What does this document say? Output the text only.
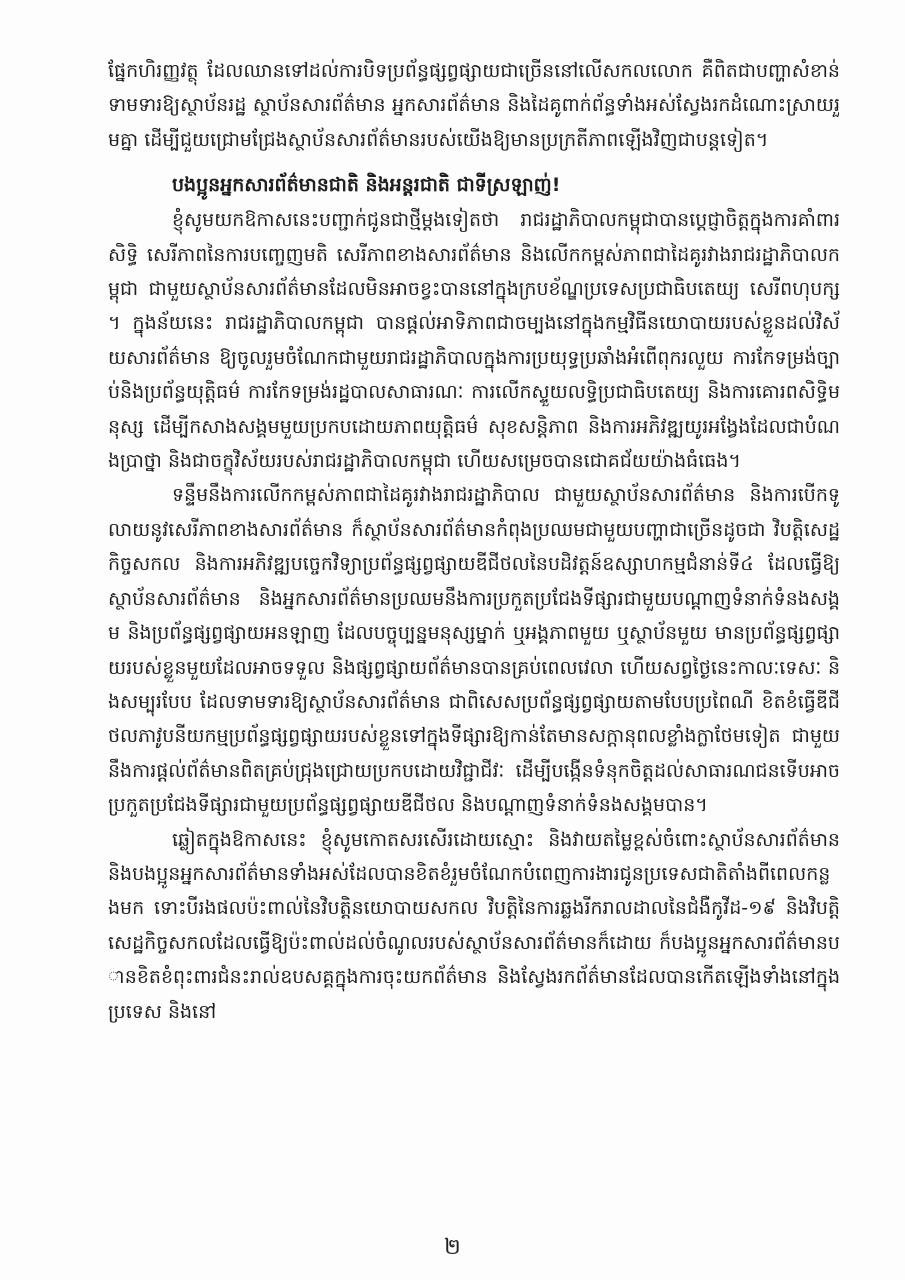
ផ្នែកហិរញ្ញវត្ថុ ដែលឈានទៅដល់ការបិទប្រព័ន្ធផ្សព្វផ្សាយជាច្រើននៅលើសកលលោក គឺពិតជាបញ្ហាសំខាន់ទាមទារឱ្យស្ថាប័នរដ្ឋ ស្ថាប័នសារព័ត៌មាន អ្នកសារព័ត៌មាន និងដៃគូពាក់ព័ន្ធទាំងអស់ស្វែងរកដំណោះស្រាយរួមគ្នា ដើម្បីជួយជ្រោមជ្រែងស្ថាប័នសារព័ត៌មានរបស់យើងឱ្យមានប្រក្រតីភាពឡើងវិញជាបន្តទៀត។

បងប្អូនអ្នកសារព័ត៌មានជាតិ និងអន្តរជាតិ ជាទីស្រឡាញ់!

ខ្ញុំសូមយកឱកាសនេះបញ្ជាក់ជូនជាថ្មីម្តងទៀតថា រាជរដ្ឋាភិបាលកម្ពុជាបានប្តេជ្ញាចិត្តក្នុងការគាំពារសិទ្ធិ សេរីភាពនៃការបញ្ចេញមតិ សេរីភាពខាងសារព័ត៌មាន និងលើកកម្ពស់ភាពជាដៃគូរវាងរាជរដ្ឋាភិបាលកម្ពុជា ជាមួយស្ថាប័នសារព័ត៌មានដែលមិនអាចខ្វះបាននៅក្នុងក្របខ័ណ្ឌប្រទេសប្រជាធិបតេយ្យ សេរីពហុបក្ស។ ក្នុងន័យនេះ រាជរដ្ឋាភិបាលកម្ពុជា បានផ្តល់អាទិភាពជាចម្បងនៅក្នុងកម្មវិធីនយោបាយរបស់ខ្លួនដល់វិស័យសារព័ត៌មាន ឱ្យចូលរួមចំណែកជាមួយរាជរដ្ឋាភិបាលក្នុងការប្រយុទ្ធប្រឆាំងអំពើពុករលួយ ការកែទម្រង់ច្បាប់និងប្រព័ន្ធយុត្តិធម៌ ការកែទម្រង់រដ្ឋបាលសាធារណៈ ការលើកស្ទួយលទ្ធិប្រជាធិបតេយ្យ និងការគោរពសិទ្ធិមនុស្ស ដើម្បីកសាងសង្គមមួយប្រកបដោយភាពយុត្តិធម៌ សុខសន្តិភាព និងការអភិវឌ្ឍយូរអង្វែងដែលជាបំណងប្រាថ្នា និងជាចក្ខុវិស័យរបស់រាជរដ្ឋាភិបាលកម្ពុជា ហើយសម្រេចបានជោគជ័យយ៉ាងធំធេង។

ទន្ទឹមនឹងការលើកកម្ពស់ភាពជាដៃគូរវាងរាជរដ្ឋាភិបាល ជាមួយស្ថាប័នសារព័ត៌មាន និងការបើកទូលាយនូវសេរីភាពខាងសារព័ត៌មាន ក៏ស្ថាប័នសារព័ត៌មានកំពុងប្រឈមជាមួយបញ្ហាជាច្រើនដូចជា វិបត្តិសេដ្ឋកិច្ចសកល និងការអភិវឌ្ឍបច្ចេកវិទ្យាប្រព័ន្ធផ្សព្វផ្សាយឌីជីថលនៃបដិវត្តន៍ឧស្សាហកម្មជំនាន់ទី៤ ដែលធ្វើឱ្យស្ថាប័នសារព័ត៌មាន និងអ្នកសារព័ត៌មានប្រឈមនឹងការប្រកួតប្រជែងទីផ្សារជាមួយបណ្តាញទំនាក់ទំនងសង្គម និងប្រព័ន្ធផ្សព្វផ្សាយអនឡាញ ដែលបច្ចុប្បន្នមនុស្សម្នាក់ ឬអង្គភាពមួយ ឬស្ថាប័នមួយ មានប្រព័ន្ធផ្សព្វផ្សាយរបស់ខ្លួនមួយដែលអាចទទួល និងផ្សព្វផ្សាយព័ត៌មានបានគ្រប់ពេលវេលា ហើយសព្វថ្ងៃនេះកាលៈទេសៈ និងសម្បុរបែប ដែលទាមទារឱ្យស្ថាប័នសារព័ត៌មាន ជាពិសេសប្រព័ន្ធផ្សព្វផ្សាយតាមបែបប្រពៃណី ខិតខំធ្វើឌីជីថលភាវូបនីយកម្មប្រព័ន្ធផ្សព្វផ្សាយរបស់ខ្លួនទៅក្នុងទីផ្សារឱ្យកាន់តែមានសក្តានុពលខ្លាំងក្លាថែមទៀត ជាមួយនឹងការផ្តល់ព័ត៌មានពិតគ្រប់ជ្រុងជ្រោយប្រកបដោយវិជ្ជាជីវៈ ដើម្បីបង្កើនទំនុកចិត្តដល់សាធារណជនទើបអាចប្រកួតប្រជែងទីផ្សារជាមួយប្រព័ន្ធផ្សព្វផ្សាយឌីជីថល និងបណ្តាញទំនាក់ទំនងសង្គមបាន។

ឆ្លៀតក្នុងឱកាសនេះ ខ្ញុំសូមកោតសរសើរដោយស្មោះ និងវាយតម្លៃខ្ពស់ចំពោះស្ថាប័នសារព័ត៌មាន និងបងប្អូនអ្នកសារព័ត៌មានទាំងអស់ដែលបានខិតខំរួមចំណែកបំពេញការងារជូនប្រទេសជាតិតាំងពីពេលកន្លងមក ទោះបីរងផលប៉ះពាល់នៃវិបត្តិនយោបាយសកល វិបត្តិនៃការឆ្លងរីករាលដាលនៃជំងឺកូវីដ-១៩ និងវិបត្តិសេដ្ឋកិច្ចសកលដែលធ្វើឱ្យប៉ះពាល់ដល់ចំណូលរបស់ស្ថាប័នសារព័ត៌មានក៏ដោយ ក៏បងប្អូនអ្នកសារព័ត៌មានបានខិតខំពុះពារជំនះរាល់ឧបសគ្គក្នុងការចុះយកព័ត៌មាន និងស្វែងរកព័ត៌មានដែលបានកើតឡើងទាំងនៅក្នុងប្រទេស និងនៅ

២
